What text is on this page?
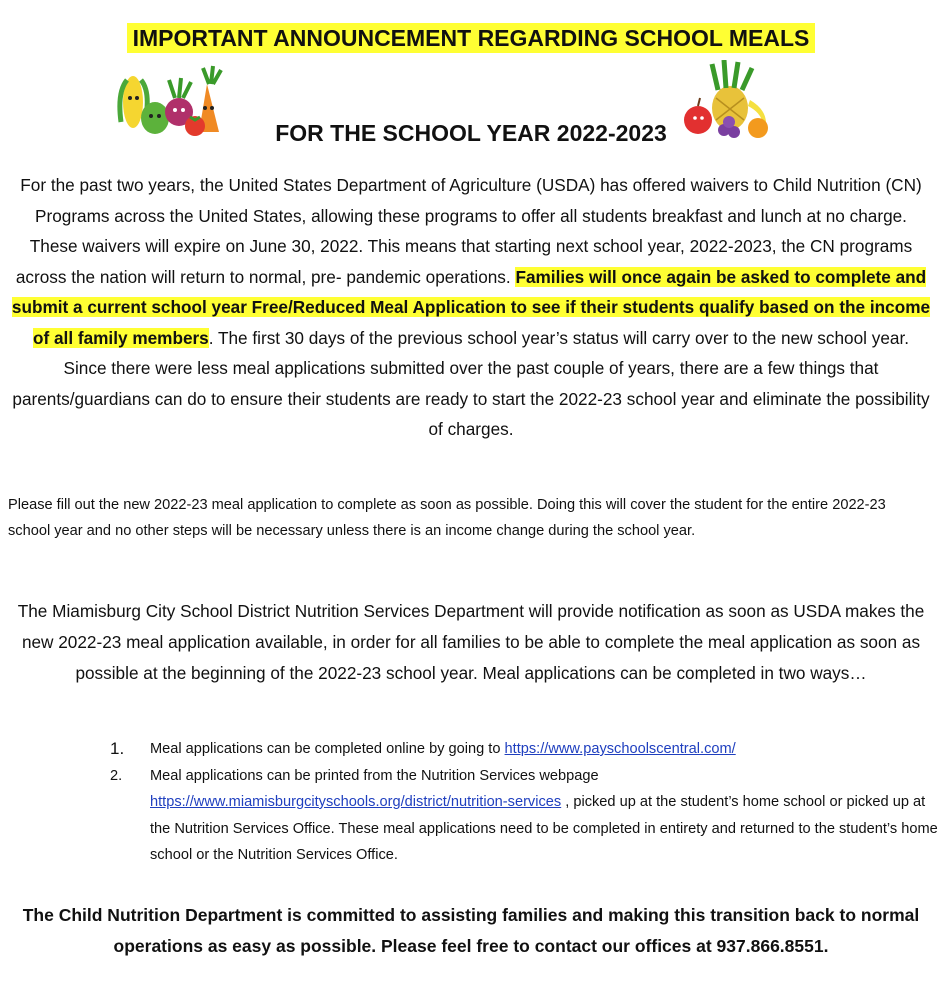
IMPORTANT ANNOUNCEMENT REGARDING SCHOOL MEALS
FOR THE SCHOOL YEAR 2022-2023
For the past two years, the United States Department of Agriculture (USDA) has offered waivers to Child Nutrition (CN) Programs across the United States, allowing these programs to offer all students breakfast and lunch at no charge. These waivers will expire on June 30, 2022. This means that starting next school year, 2022-2023, the CN programs across the nation will return to normal, pre- pandemic operations. Families will once again be asked to complete and submit a current school year Free/Reduced Meal Application to see if their students qualify based on the income of all family members. The first 30 days of the previous school year’s status will carry over to the new school year. Since there were less meal applications submitted over the past couple of years, there are a few things that parents/guardians can do to ensure their students are ready to start the 2022-23 school year and eliminate the possibility of charges.
Please fill out the new 2022-23 meal application to complete as soon as possible. Doing this will cover the student for the entire 2022-23 school year and no other steps will be necessary unless there is an income change during the school year.
The Miamisburg City School District Nutrition Services Department will provide notification as soon as USDA makes the new 2022-23 meal application available, in order for all families to be able to complete the meal application as soon as possible at the beginning of the 2022-23 school year. Meal applications can be completed in two ways…
1. Meal applications can be completed online by going to https://www.payschoolscentral.com/
2. Meal applications can be printed from the Nutrition Services webpage https://www.miamisburgcityschools.org/district/nutrition-services , picked up at the student’s home school or picked up at the Nutrition Services Office. These meal applications need to be completed in entirety and returned to the student’s home school or the Nutrition Services Office.
The Child Nutrition Department is committed to assisting families and making this transition back to normal operations as easy as possible. Please feel free to contact our offices at 937.866.8551.
